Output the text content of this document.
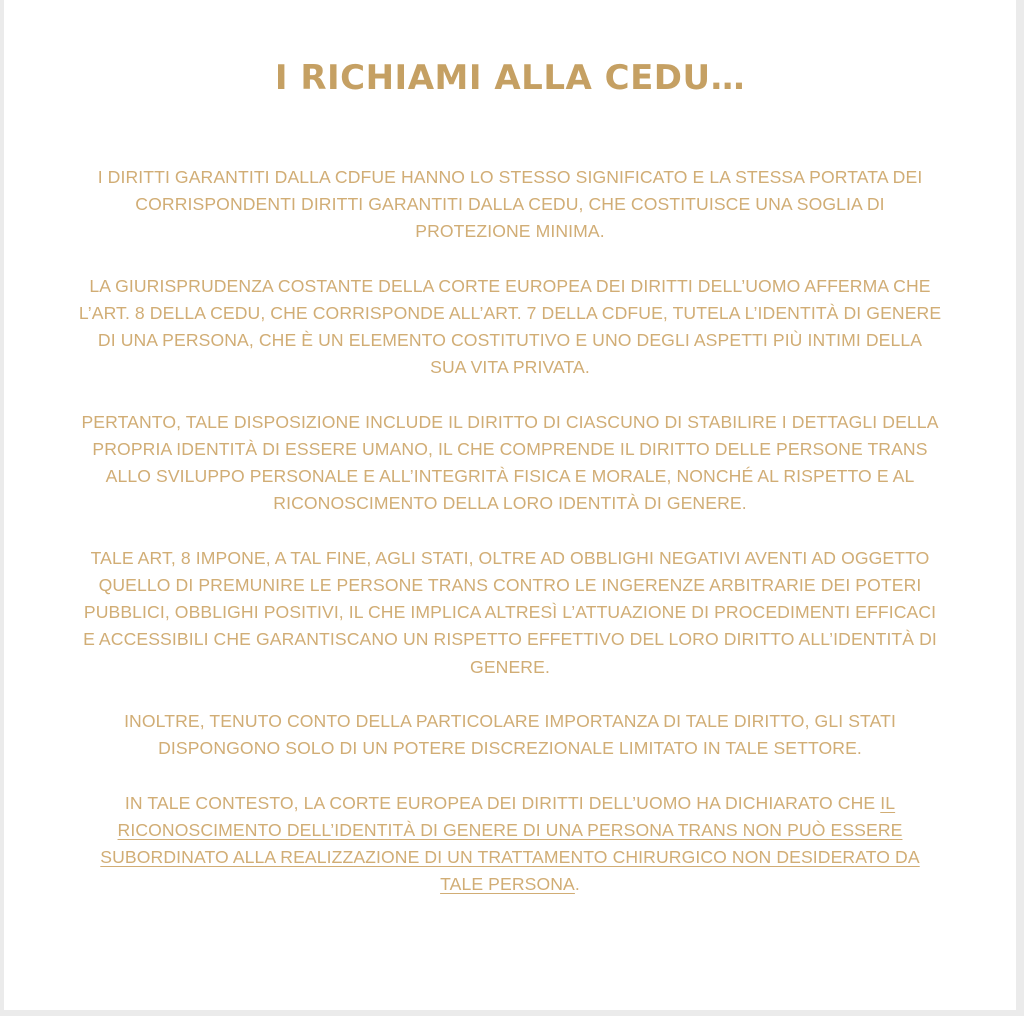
I RICHIAMI ALLA CEDU…

I DIRITTI GARANTITI DALLA CDFUE HANNO LO STESSO SIGNIFICATO E LA STESSA PORTATA DEI CORRISPONDENTI DIRITTI GARANTITI DALLA CEDU, CHE COSTITUISCE UNA SOGLIA DI PROTEZIONE MINIMA.

LA GIURISPRUDENZA COSTANTE DELLA CORTE EUROPEA DEI DIRITTI DELL’UOMO AFFERMA CHE L’ART. 8 DELLA CEDU, CHE CORRISPONDE ALL’ART. 7 DELLA CDFUE, TUTELA L’IDENTITÀ DI GENERE DI UNA PERSONA, CHE È UN ELEMENTO COSTITUTIVO E UNO DEGLI ASPETTI PIÙ INTIMI DELLA SUA VITA PRIVATA.

PERTANTO, TALE DISPOSIZIONE INCLUDE IL DIRITTO DI CIASCUNO DI STABILIRE I DETTAGLI DELLA PROPRIA IDENTITÀ DI ESSERE UMANO, IL CHE COMPRENDE IL DIRITTO DELLE PERSONE TRANS ALLO SVILUPPO PERSONALE E ALL’INTEGRITÀ FISICA E MORALE, NONCHÉ AL RISPETTO E AL RICONOSCIMENTO DELLA LORO IDENTITÀ DI GENERE.

TALE ART, 8 IMPONE, A TAL FINE, AGLI STATI, OLTRE AD OBBLIGHI NEGATIVI AVENTI AD OGGETTO QUELLO DI PREMUNIRE LE PERSONE TRANS CONTRO LE INGERENZE ARBITRARIE DEI POTERI PUBBLICI, OBBLIGHI POSITIVI, IL CHE IMPLICA ALTRESÌ L’ATTUAZIONE DI PROCEDIMENTI EFFICACI E ACCESSIBILI CHE GARANTISCANO UN RISPETTO EFFETTIVO DEL LORO DIRITTO ALL’IDENTITÀ DI GENERE.

INOLTRE, TENUTO CONTO DELLA PARTICOLARE IMPORTANZA DI TALE DIRITTO, GLI STATI DISPONGONO SOLO DI UN POTERE DISCREZIONALE LIMITATO IN TALE SETTORE.

IN TALE CONTESTO, LA CORTE EUROPEA DEI DIRITTI DELL’UOMO HA DICHIARATO CHE IL RICONOSCIMENTO DELL’IDENTITÀ DI GENERE DI UNA PERSONA TRANS NON PUÒ ESSERE SUBORDINATO ALLA REALIZZAZIONE DI UN TRATTAMENTO CHIRURGICO NON DESIDERATO DA TALE PERSONA.
